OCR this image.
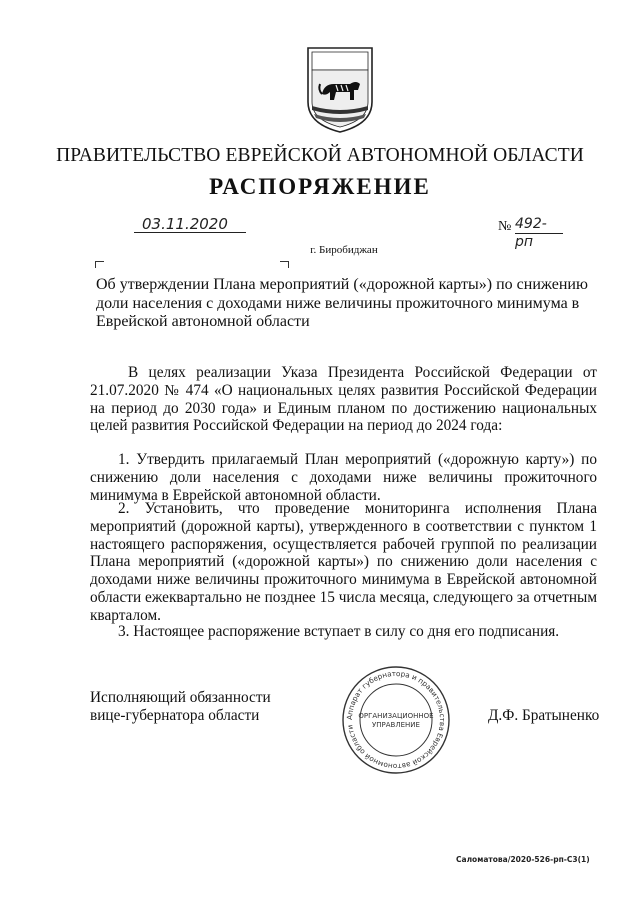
ПРАВИТЕЛЬСТВО ЕВРЕЙСКОЙ АВТОНОМНОЙ ОБЛАСТИ
РАСПОРЯЖЕНИЕ
03.11.2020	№ 492-рп
г. Биробиджан
Об утверждении Плана мероприятий («дорожной карты») по снижению доли населения с доходами ниже величины прожиточного минимума в Еврейской автономной области
В целях реализации Указа Президента Российской Федерации от 21.07.2020 № 474 «О национальных целях развития Российской Федерации на период до 2030 года» и Единым планом по достижению национальных целей развития Российской Федерации на период до 2024 года:
1. Утвердить прилагаемый План мероприятий («дорожную карту») по снижению доли населения с доходами ниже величины прожиточного минимума в Еврейской автономной области.
2. Установить, что проведение мониторинга исполнения Плана мероприятий (дорожной карты), утвержденного в соответствии с пунктом 1 настоящего распоряжения, осуществляется рабочей группой по реализации Плана мероприятий («дорожной карты») по снижению доли населения с доходами ниже величины прожиточного минимума в Еврейской автономной области ежеквартально не позднее 15 числа месяца, следующего за отчетным кварталом.
3. Настоящее распоряжение вступает в силу со дня его подписания.
Исполняющий обязанности
вице-губернатора области	Аппарат губернатора и правительства Еврейской автономной области
ОРГАНИЗАЦИОННОЕ
УПРАВЛЕНИЕ
Д.Ф. Братыненко
Саломатова/2020-526-рп-С3(1)
